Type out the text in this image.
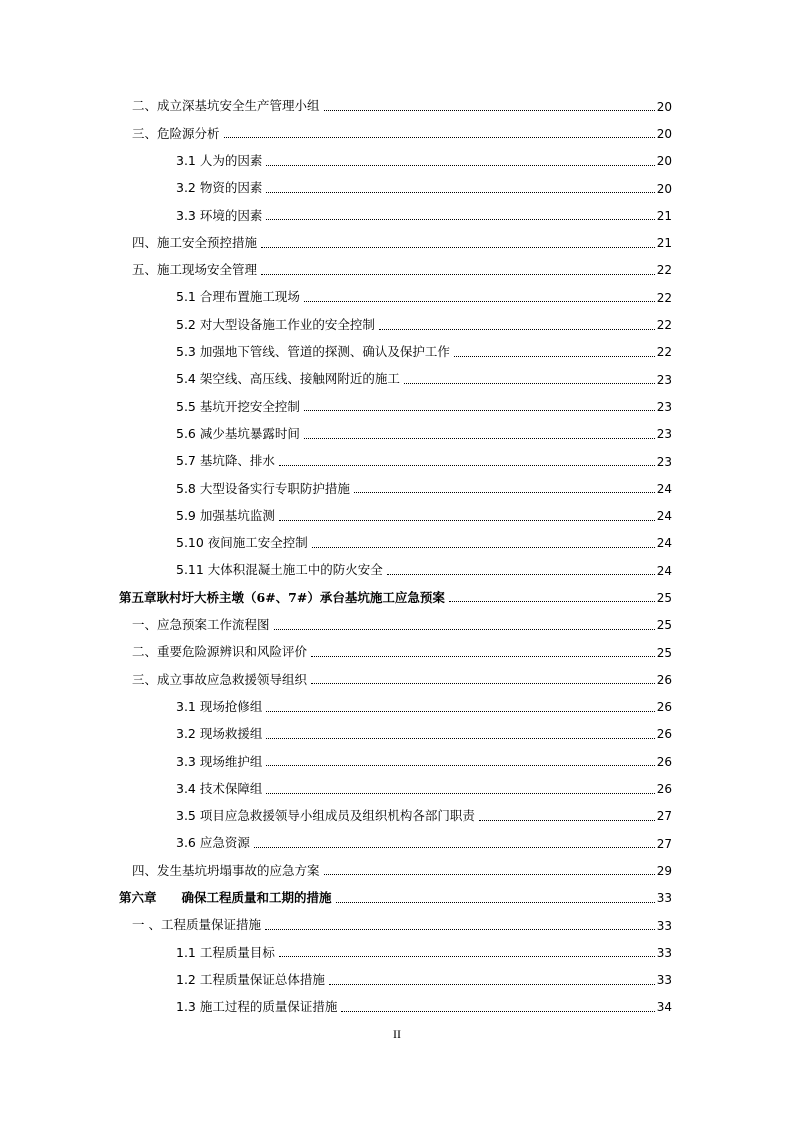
二、成立深基坑安全生产管理小组	20
三、危险源分析	20
3.1 人为的因素	20
3.2 物资的因素	20
3.3 环境的因素	21
四、施工安全预控措施	21
五、施工现场安全管理	22
5.1 合理布置施工现场	22
5.2 对大型设备施工作业的安全控制	22
5.3 加强地下管线、管道的探测、确认及保护工作	22
5.4 架空线、高压线、接触网附近的施工	23
5.5 基坑开挖安全控制	23
5.6 减少基坑暴露时间	23
5.7 基坑降、排水	23
5.8 大型设备实行专职防护措施	24
5.9 加强基坑监测	24
5.10 夜间施工安全控制	24
5.11 大体积混凝土施工中的防火安全	24
第五章耿村圩大桥主墩（6#、7#）承台基坑施工应急预案	25
一、应急预案工作流程图	25
二、重要危险源辨识和风险评价	25
三、成立事故应急救援领导组织	26
3.1 现场抢修组	26
3.2 现场救援组	26
3.3 现场维护组	26
3.4 技术保障组	26
3.5 项目应急救援领导小组成员及组织机构各部门职责	27
3.6 应急资源	27
四、发生基坑坍塌事故的应急方案	29
第六章　　确保工程质量和工期的措施	33
一 、工程质量保证措施	33
1.1 工程质量目标	33
1.2 工程质量保证总体措施	33
1.3 施工过程的质量保证措施	34
II
